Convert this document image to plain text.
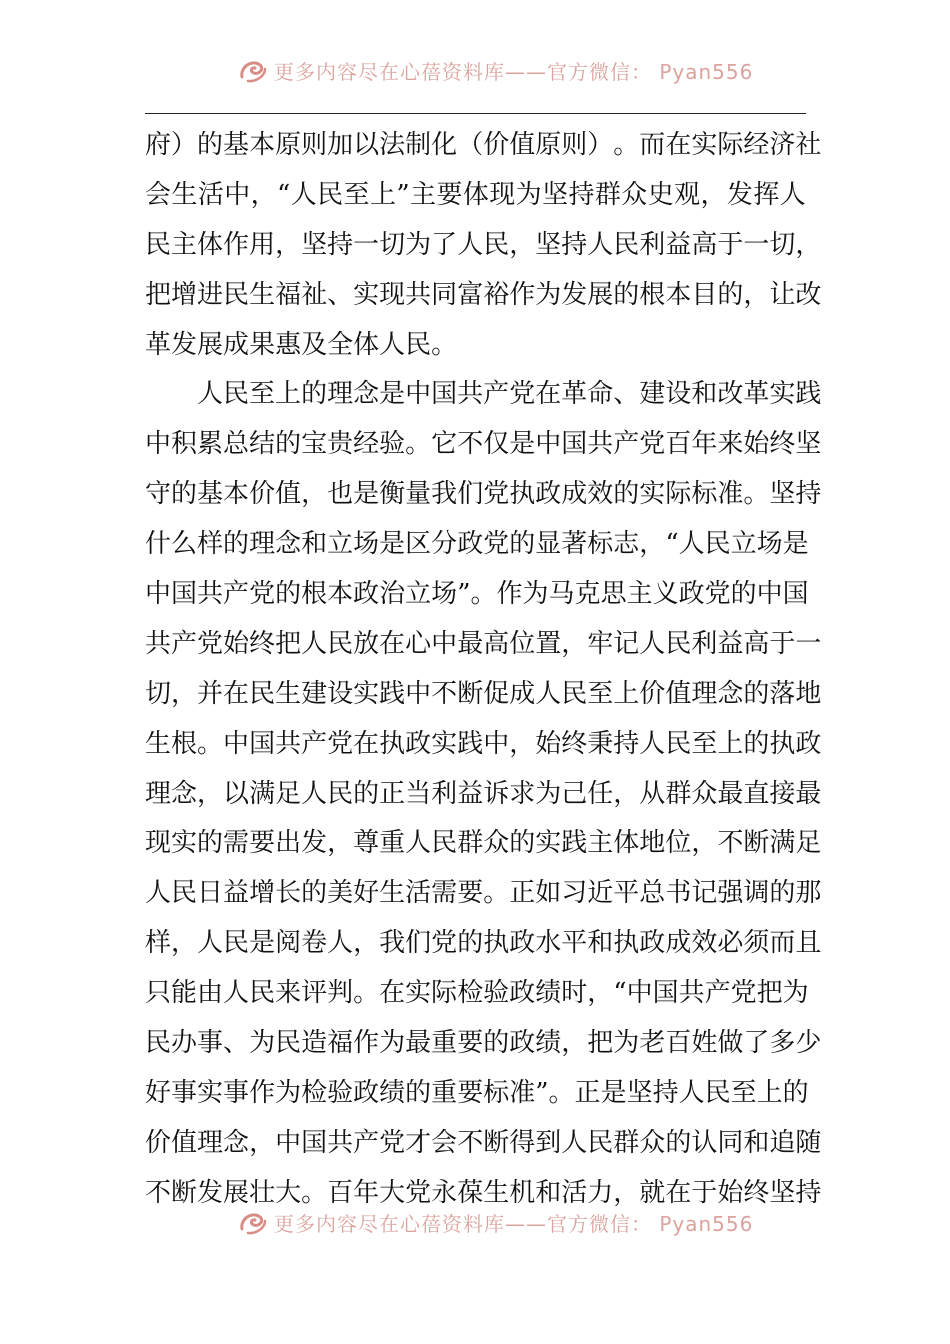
更多内容尽在心蓓资料库——官方微信： Pyan556
府 ） 的 基 本 原 则 加 以 法 制 化 （ 价 值 原 则 ） 。 而 在 实 际 经 济 社
会 生 活 中 ， “ 人 民 至 上 ” 主 要 体 现 为 坚 持 群 众 史 观 ， 发 挥 人
民 主 体 作 用 ， 坚 持 一 切 为 了 人 民 ， 坚 持 人 民 利 益 高 于 一 切 ，
把 增 进 民 生 福 祉 、 实 现 共 同 富 裕 作 为 发 展 的 根 本 目 的 ， 让 改
革 发 展 成 果 惠 及 全 体 人 民 。
人 民 至 上 的 理 念 是 中 国 共 产 党 在 革 命 、 建 设 和 改 革 实 践
中 积 累 总 结 的 宝 贵 经 验 。 它 不 仅 是 中 国 共 产 党 百 年 来 始 终 坚
守 的 基 本 价 值 ， 也 是 衡 量 我 们 党 执 政 成 效 的 实 际 标 准 。 坚 持
什 么 样 的 理 念 和 立 场 是 区 分 政 党 的 显 著 标 志 ， “ 人 民 立 场 是
中 国 共 产 党 的 根 本 政 治 立 场 ” 。 作 为 马 克 思 主 义 政 党 的 中 国
共 产 党 始 终 把 人 民 放 在 心 中 最 高 位 置 ， 牢 记 人 民 利 益 高 于 一
切 ， 并 在 民 生 建 设 实 践 中 不 断 促 成 人 民 至 上 价 值 理 念 的 落 地
生 根 。 中 国 共 产 党 在 执 政 实 践 中 ， 始 终 秉 持 人 民 至 上 的 执 政
理 念 ， 以 满 足 人 民 的 正 当 利 益 诉 求 为 己 任 ， 从 群 众 最 直 接 最
现 实 的 需 要 出 发 ， 尊 重 人 民 群 众 的 实 践 主 体 地 位 ， 不 断 满 足
人 民 日 益 增 长 的 美 好 生 活 需 要 。 正 如 习 近 平 总 书 记 强 调 的 那
样 ， 人 民 是 阅 卷 人 ， 我 们 党 的 执 政 水 平 和 执 政 成 效 必 须 而 且
只 能 由 人 民 来 评 判 。 在 实 际 检 验 政 绩 时 ， “ 中 国 共 产 党 把 为
民 办 事 、 为 民 造 福 作 为 最 重 要 的 政 绩 ， 把 为 老 百 姓 做 了 多 少
好 事 实 事 作 为 检 验 政 绩 的 重 要 标 准 ” 。 正 是 坚 持 人 民 至 上 的
价 值 理 念 ， 中 国 共 产 党 才 会 不 断 得 到 人 民 群 众 的 认 同 和 追 随
不 断 发 展 壮 大 。 百 年 大 党 永 葆 生 机 和 活 力 ， 就 在 于 始 终 坚 持
更多内容尽在心蓓资料库——官方微信： Pyan556
